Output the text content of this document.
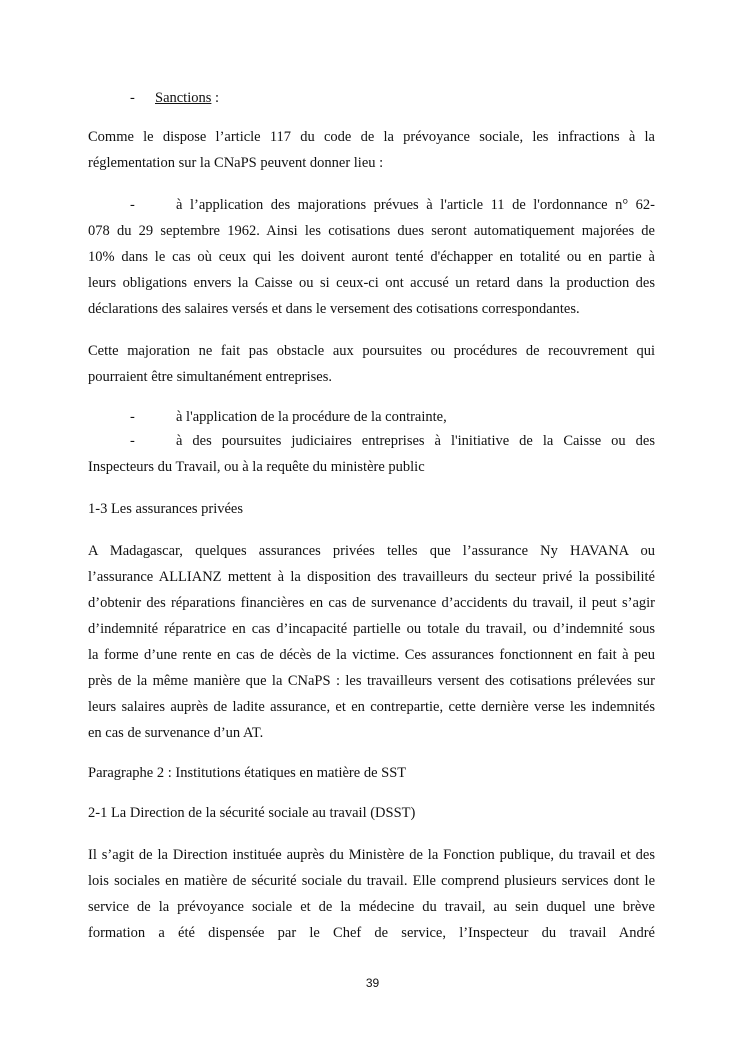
- Sanctions :
Comme le dispose l’article 117 du code de la prévoyance sociale, les infractions à la
réglementation sur la CNaPS peuvent donner lieu :
-	à l’application des majorations prévues à l'article 11 de l'ordonnance n° 62-
078 du 29 septembre 1962. Ainsi les cotisations dues seront automatiquement majorées de
10% dans le cas où ceux qui les doivent auront tenté d'échapper en totalité ou en partie à
leurs obligations envers la Caisse ou si ceux-ci ont accusé un retard dans la production des
déclarations des salaires versés et dans le versement des cotisations correspondantes.
Cette majoration ne fait pas obstacle aux poursuites ou procédures de recouvrement qui
pourraient être simultanément entreprises.
-	à l'application de la procédure de la contrainte,
-	à des poursuites judiciaires entreprises à l'initiative de la Caisse ou des
Inspecteurs du Travail, ou à la requête du ministère public
1-3 Les assurances privées
A Madagascar, quelques assurances privées telles que l’assurance Ny HAVANA ou
l’assurance ALLIANZ mettent à la disposition des travailleurs du secteur privé la possibilité
d’obtenir des réparations financières en cas de survenance d’accidents du travail, il peut s’agir
d’indemnité réparatrice en cas d’incapacité partielle ou totale du travail, ou d’indemnité sous
la forme d’une rente en cas de décès de la victime. Ces assurances fonctionnent en fait à peu
près de la même manière que la CNaPS : les travailleurs versent des cotisations prélevées sur
leurs salaires auprès de ladite assurance, et en contrepartie, cette dernière verse les indemnités
en cas de survenance d’un AT.
Paragraphe 2 : Institutions étatiques en matière de SST
2-1 La Direction de la sécurité sociale au travail (DSST)
Il s’agit de la Direction instituée auprès du Ministère de la Fonction publique, du travail et des
lois sociales en matière de sécurité sociale du travail. Elle comprend plusieurs services dont le
service de la prévoyance sociale et de la médecine du travail, au sein duquel une brève
formation a été dispensée par le Chef de service, l’Inspecteur du travail André
39
